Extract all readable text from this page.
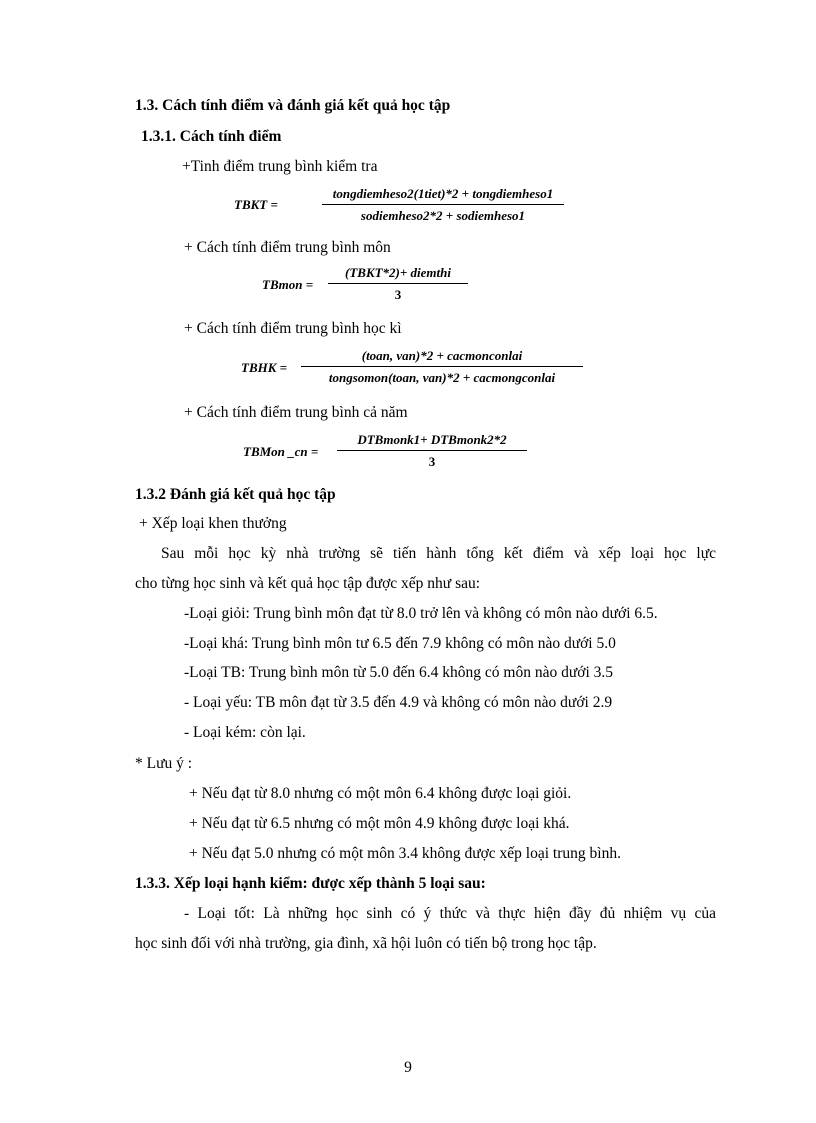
1.3. Cách tính điểm và đánh giá kết quả học tập
1.3.1. Cách tính điểm
+Tinh điểm trung bình kiểm tra
TBKT =
tongdiemheso2(1tiet)*2 + tongdiemheso1
sodiemheso2*2 + sodiemheso1
+ Cách tính điểm trung bình môn
TBmon =
(TBKT*2)+ diemthi
3
+ Cách tính điểm trung bình học kì
TBHK =
(toan, van)*2 + cacmonconlai
tongsomon(toan, van)*2 + cacmongconlai
+ Cách tính điểm trung bình cả năm
TBMon _cn =
DTBmonk1+ DTBmonk2*2
3
1.3.2 Đánh giá kết quả học tập
+ Xếp loại khen thưởng
Sau mỗi học kỳ nhà trường sẽ tiến hành tổng kết điểm và xếp loại học lực
cho từng học sinh và kết quả học tập được xếp như sau:
-Loại giỏi: Trung bình môn đạt từ 8.0 trở lên và không có môn nào dưới 6.5.
-Loại khá: Trung bình môn tư 6.5 đến 7.9 không có môn nào dưới 5.0
-Loại TB: Trung bình môn từ 5.0 đến 6.4 không có môn nào dưới 3.5
- Loại yếu: TB môn đạt từ 3.5 đến 4.9 và không có môn nào dưới 2.9
- Loại kém: còn lại.
* Lưu ý :
+ Nếu đạt từ 8.0 nhưng có một môn 6.4 không được loại giỏi.
+ Nếu đạt từ 6.5 nhưng có một môn 4.9 không được loại khá.
+ Nếu đạt 5.0 nhưng có một môn 3.4 không được xếp loại trung bình.
1.3.3. Xếp loại hạnh kiểm: được xếp thành 5 loại sau:
- Loại tốt: Là những học sinh có ý thức và thực hiện đầy đủ nhiệm vụ của
học sinh đối với nhà trường, gia đình, xã hội luôn có tiến bộ trong học tập.
9
